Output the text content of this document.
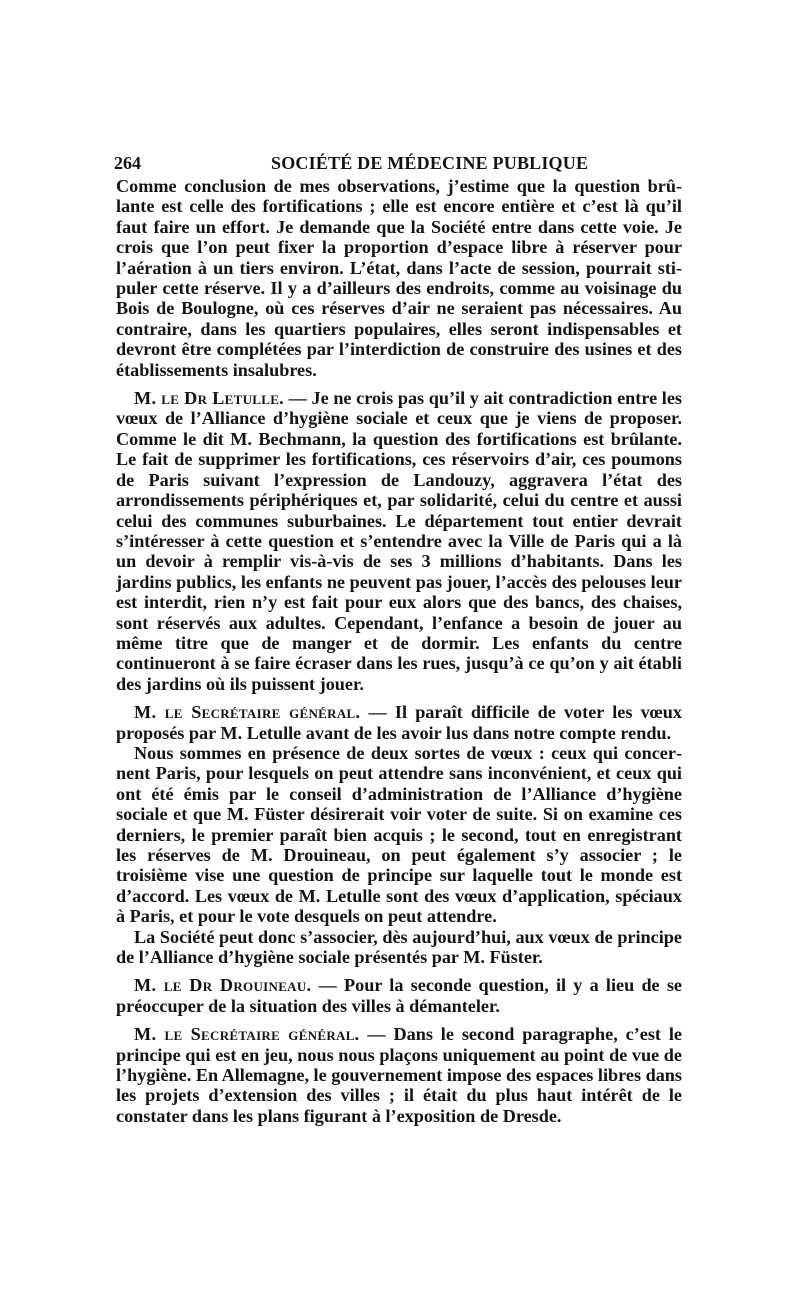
264	SOCIÉTÉ DE MÉDECINE PUBLIQUE

Comme conclusion de mes observations, j’estime que la question brûlante est celle des fortifications ; elle est encore entière et c’est là qu’il faut faire un effort. Je demande que la Société entre dans cette voie. Je crois que l’on peut fixer la proportion d’espace libre à réserver pour l’aération à un tiers environ. L’état, dans l’acte de session, pourrait stipuler cette réserve. Il y a d’ailleurs des endroits, comme au voisinage du Bois de Boulogne, où ces réserves d’air ne seraient pas nécessaires. Au contraire, dans les quartiers populaires, elles seront indispensables et devront être complétées par l’interdiction de construire des usines et des établissements insalubres.

M. le Dr Letulle. — Je ne crois pas qu’il y ait contradiction entre les vœux de l’Alliance d’hygiène sociale et ceux que je viens de proposer. Comme le dit M. Bechmann, la question des fortifications est brûlante. Le fait de supprimer les fortifications, ces réservoirs d’air, ces poumons de Paris suivant l’expression de Landouzy, aggravera l’état des arrondissements périphériques et, par solidarité, celui du centre et aussi celui des communes suburbaines. Le département tout entier devrait s’intéresser à cette question et s’entendre avec la Ville de Paris qui a là un devoir à remplir vis-à-vis de ses 3 millions d’habitants. Dans les jardins publics, les enfants ne peuvent pas jouer, l’accès des pelouses leur est interdit, rien n’y est fait pour eux alors que des bancs, des chaises, sont réservés aux adultes. Cependant, l’enfance a besoin de jouer au même titre que de manger et de dormir. Les enfants du centre continueront à se faire écraser dans les rues, jusqu’à ce qu’on y ait établi des jardins où ils puissent jouer.

M. le Secrétaire général. — Il paraît difficile de voter les vœux proposés par M. Letulle avant de les avoir lus dans notre compte rendu.

Nous sommes en présence de deux sortes de vœux : ceux qui concernent Paris, pour lesquels on peut attendre sans inconvénient, et ceux qui ont été émis par le conseil d’administration de l’Alliance d’hygiène sociale et que M. Füster désirerait voir voter de suite. Si on examine ces derniers, le premier paraît bien acquis ; le second, tout en enregistrant les réserves de M. Drouineau, on peut également s’y associer ; le troisième vise une question de principe sur laquelle tout le monde est d’accord. Les vœux de M. Letulle sont des vœux d’application, spéciaux à Paris, et pour le vote desquels on peut attendre.

La Société peut donc s’associer, dès aujourd’hui, aux vœux de principe de l’Alliance d’hygiène sociale présentés par M. Füster.

M. le Dr Drouineau. — Pour la seconde question, il y a lieu de se préoccuper de la situation des villes à démanteler.

M. le Secrétaire général. — Dans le second paragraphe, c’est le principe qui est en jeu, nous nous plaçons uniquement au point de vue de l’hygiène. En Allemagne, le gouvernement impose des espaces libres dans les projets d’extension des villes ; il était du plus haut intérêt de le constater dans les plans figurant à l’exposition de Dresde.
